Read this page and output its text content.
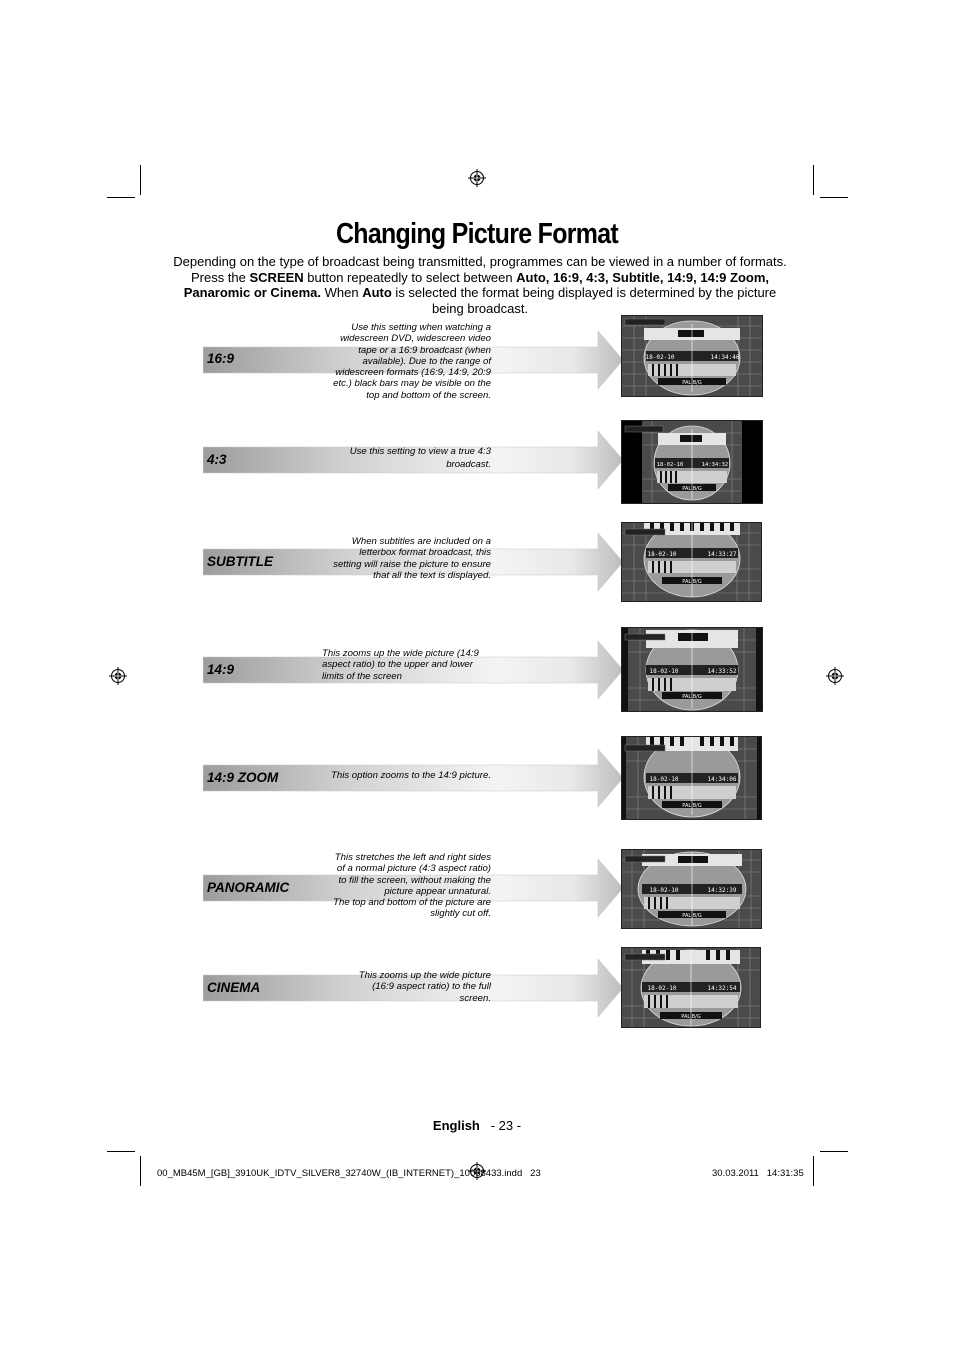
Changing Picture Format
Depending on the type of broadcast being transmitted, programmes can be viewed in a number of formats.
Press the SCREEN button repeatedly to select between Auto, 16:9, 4:3, Subtitle, 14:9, 14:9 Zoom,
Panaromic or Cinema. When Auto is selected the format being displayed is determined by the picture
being broadcast.
16:9
Use this setting when watching a
widescreen DVD, widescreen video
tape or a 16:9 broadcast (when
available). Due to the range of
widescreen formats (16:9, 14:9, 20:9
etc.) black bars may be visible on the
top and bottom of the screen.
18-02-10	14:34:46
PAL B/G
4:3
Use this setting to view a true 4:3
broadcast.	18-02-10	14:34:32
PAL B/G
SUBTITLE
When subtitles are included on a
letterbox format broadcast, this
setting will raise the picture to ensure
that all the text is displayed.
18-02-10	14:33:27
PAL B/G
14:9
This zooms up the wide picture (14:9
aspect ratio) to the upper and lower
limits of the screen	18-02-10	14:33:52
PAL B/G
14:9 ZOOM	This option zooms to the 14:9 picture.	18-02-10	14:34:06
PAL B/G
PANORAMIC
This stretches the left and right sides
of a normal picture (4:3 aspect ratio)
to fill the screen, without making the
picture appear unnatural.
The top and bottom of the picture are
slightly cut off.
18-02-10	14:32:39
PAL B/G
CINEMA
This zooms up the wide picture
(16:9 aspect ratio) to the full
screen.
18-02-10	14:32:54
PAL B/G
English - 23 -
00_MB45M_[GB]_3910UK_IDTV_SILVER8_32740W_(IB_INTERNET)_10068433.indd   23	30.03.2011   14:31:35
